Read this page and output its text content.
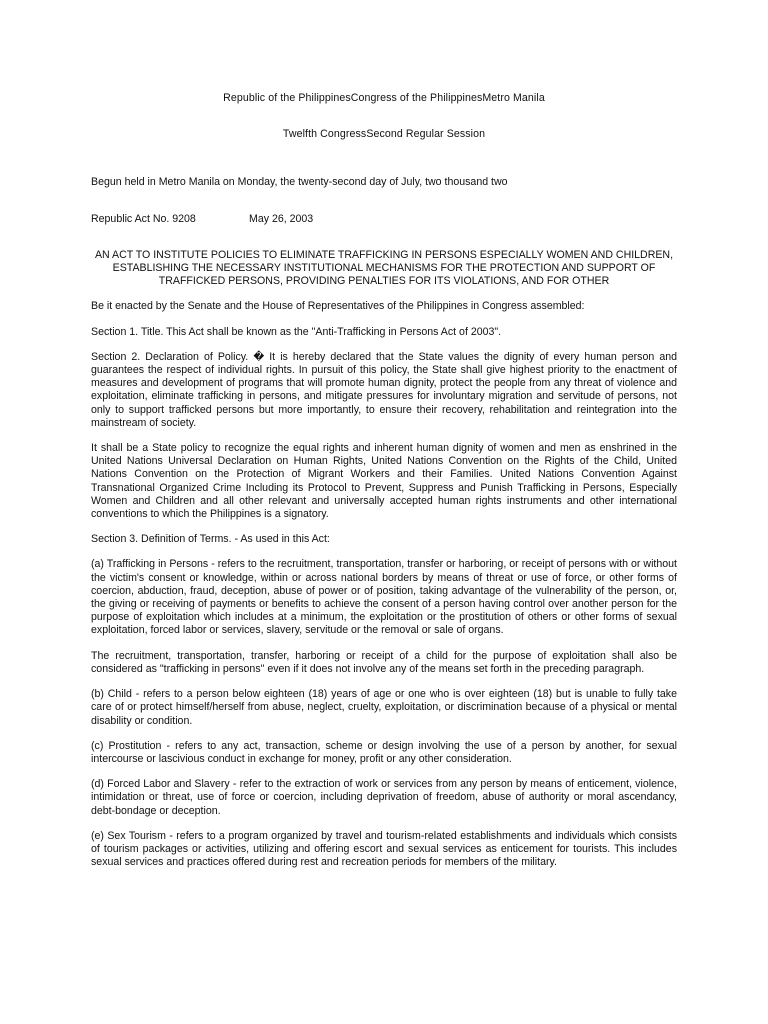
Republic of the PhilippinesCongress of the PhilippinesMetro Manila
Twelfth CongressSecond Regular Session
Begun held in Metro Manila on Monday, the twenty-second day of July, two thousand two
Republic Act No. 9208	May 26, 2003
AN ACT TO INSTITUTE POLICIES TO ELIMINATE TRAFFICKING IN PERSONS ESPECIALLY WOMEN AND CHILDREN, ESTABLISHING THE NECESSARY INSTITUTIONAL MECHANISMS FOR THE PROTECTION AND SUPPORT OF TRAFFICKED PERSONS, PROVIDING PENALTIES FOR ITS VIOLATIONS, AND FOR OTHER

Be it enacted by the Senate and the House of Representatives of the Philippines in Congress assembled:

Section 1. Title. This Act shall be known as the "Anti-Trafficking in Persons Act of 2003".

Section 2. Declaration of Policy. � It is hereby declared that the State values the dignity of every human person and guarantees the respect of individual rights. In pursuit of this policy, the State shall give highest priority to the enactment of measures and development of programs that will promote human dignity, protect the people from any threat of violence and exploitation, eliminate trafficking in persons, and mitigate pressures for involuntary migration and servitude of persons, not only to support trafficked persons but more importantly, to ensure their recovery, rehabilitation and reintegration into the mainstream of society.

It shall be a State policy to recognize the equal rights and inherent human dignity of women and men as enshrined in the United Nations Universal Declaration on Human Rights, United Nations Convention on the Rights of the Child, United Nations Convention on the Protection of Migrant Workers and their Families. United Nations Convention Against Transnational Organized Crime Including its Protocol to Prevent, Suppress and Punish Trafficking in Persons, Especially Women and Children and all other relevant and universally accepted human rights instruments and other international conventions to which the Philippines is a signatory.

Section 3. Definition of Terms. - As used in this Act:

(a) Trafficking in Persons - refers to the recruitment, transportation, transfer or harboring, or receipt of persons with or without the victim's consent or knowledge, within or across national borders by means of threat or use of force, or other forms of coercion, abduction, fraud, deception, abuse of power or of position, taking advantage of the vulnerability of the person, or, the giving or receiving of payments or benefits to achieve the consent of a person having control over another person for the purpose of exploitation which includes at a minimum, the exploitation or the prostitution of others or other forms of sexual exploitation, forced labor or services, slavery, servitude or the removal or sale of organs.

The recruitment, transportation, transfer, harboring or receipt of a child for the purpose of exploitation shall also be considered as "trafficking in persons" even if it does not involve any of the means set forth in the preceding paragraph.

(b) Child - refers to a person below eighteen (18) years of age or one who is over eighteen (18) but is unable to fully take care of or protect himself/herself from abuse, neglect, cruelty, exploitation, or discrimination because of a physical or mental disability or condition.

(c) Prostitution - refers to any act, transaction, scheme or design involving the use of a person by another, for sexual intercourse or lascivious conduct in exchange for money, profit or any other consideration.

(d) Forced Labor and Slavery - refer to the extraction of work or services from any person by means of enticement, violence, intimidation or threat, use of force or coercion, including deprivation of freedom, abuse of authority or moral ascendancy, debt-bondage or deception.

(e) Sex Tourism - refers to a program organized by travel and tourism-related establishments and individuals which consists of tourism packages or activities, utilizing and offering escort and sexual services as enticement for tourists. This includes sexual services and practices offered during rest and recreation periods for members of the military.
